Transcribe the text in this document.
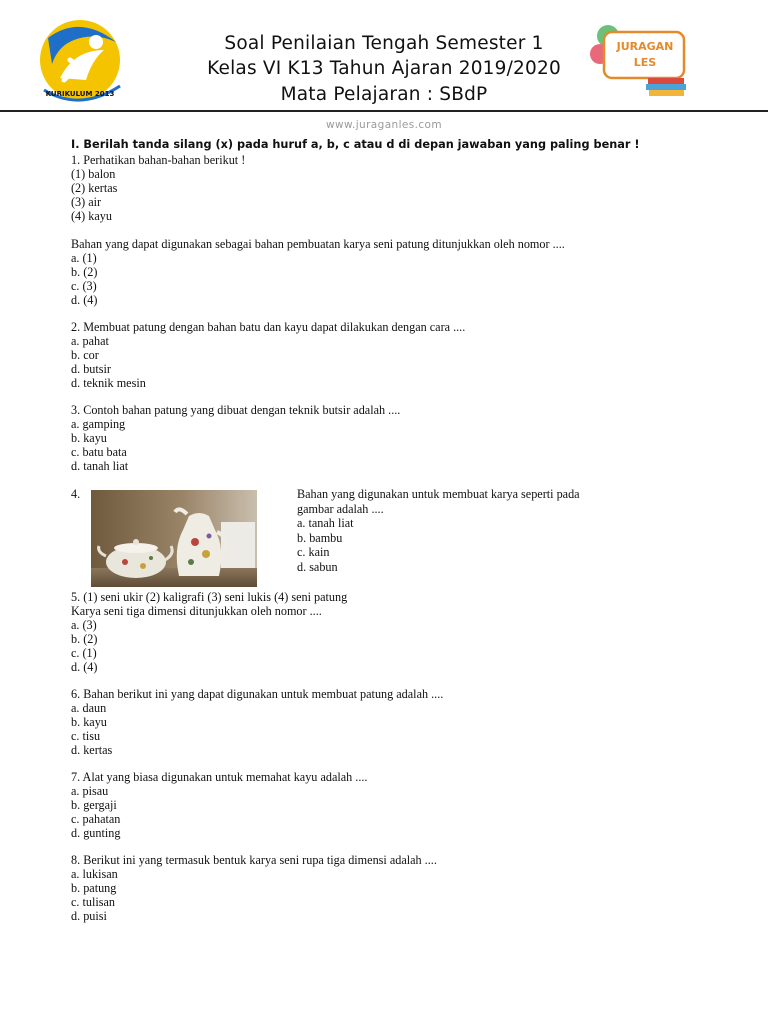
KURIKULUM 2013
Soal Penilaian Tengah Semester 1
Kelas VI K13 Tahun Ajaran 2019/2020
Mata Pelajaran : SBdP
JURAGAN
LES
www.juraganles.com
I. Berilah tanda silang (x) pada huruf a, b, c atau d di depan jawaban yang paling benar !
1. Perhatikan bahan-bahan berikut !
(1) balon
(2) kertas
(3) air
(4) kayu
Bahan yang dapat digunakan sebagai bahan pembuatan karya seni patung ditunjukkan oleh nomor ....
a. (1)
b. (2)
c. (3)
d. (4)
2. Membuat patung dengan bahan batu dan kayu dapat dilakukan dengan cara ....
a. pahat
b. cor
d. butsir
d. teknik mesin
3. Contoh bahan patung yang dibuat dengan teknik butsir adalah ....
a. gamping
b. kayu
c. batu bata
d. tanah liat
4.	Bahan yang digunakan untuk membuat karya seperti pada
gambar adalah ....
a. tanah liat
b. bambu
c. kain
d. sabun
5. (1) seni ukir (2) kaligrafi (3) seni lukis (4) seni patung
Karya seni tiga dimensi ditunjukkan oleh nomor ....
a. (3)
b. (2)
c. (1)
d. (4)
6. Bahan berikut ini yang dapat digunakan untuk membuat patung adalah ....
a. daun
b. kayu
c. tisu
d. kertas
7. Alat yang biasa digunakan untuk memahat kayu adalah ....
a. pisau
b. gergaji
c. pahatan
d. gunting
8. Berikut ini yang termasuk bentuk karya seni rupa tiga dimensi adalah ....
a. lukisan
b. patung
c. tulisan
d. puisi
